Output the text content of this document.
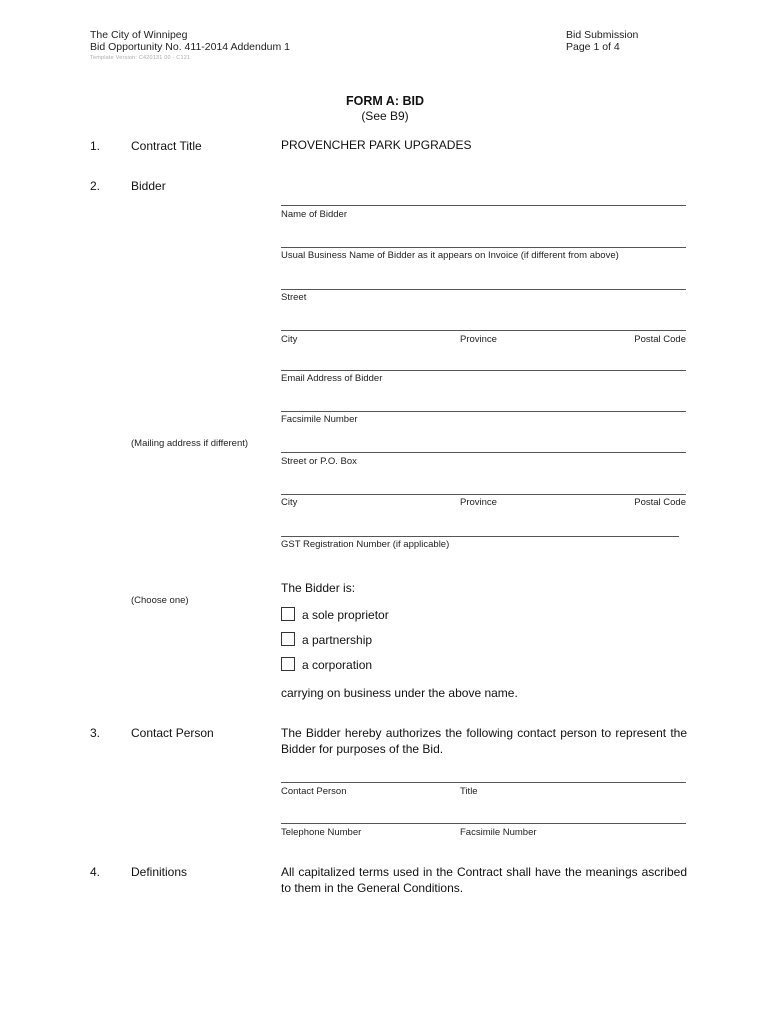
The City of Winnipeg
Bid Opportunity No. 411-2014 Addendum 1
Template Version: C420131 00 - C121
Bid Submission
Page 1 of 4
FORM A: BID
(See B9)
1.	Contract Title	PROVENCHER PARK UPGRADES
2.	Bidder
Name of Bidder
Usual Business Name of Bidder as it appears on Invoice (if different from above)
Street
City	Province	Postal Code
Email Address of Bidder
Facsimile Number
(Mailing address if different)
Street or P.O. Box
City	Province	Postal Code
GST Registration Number (if applicable)
The Bidder is:
(Choose one)
a sole proprietor
a partnership
a corporation
carrying on business under the above name.
3.	Contact Person	The Bidder hereby authorizes the following contact person to represent the Bidder for purposes of the Bid.
Contact Person	Title
Telephone Number	Facsimile Number
4.	Definitions	All capitalized terms used in the Contract shall have the meanings ascribed to them in the General Conditions.
